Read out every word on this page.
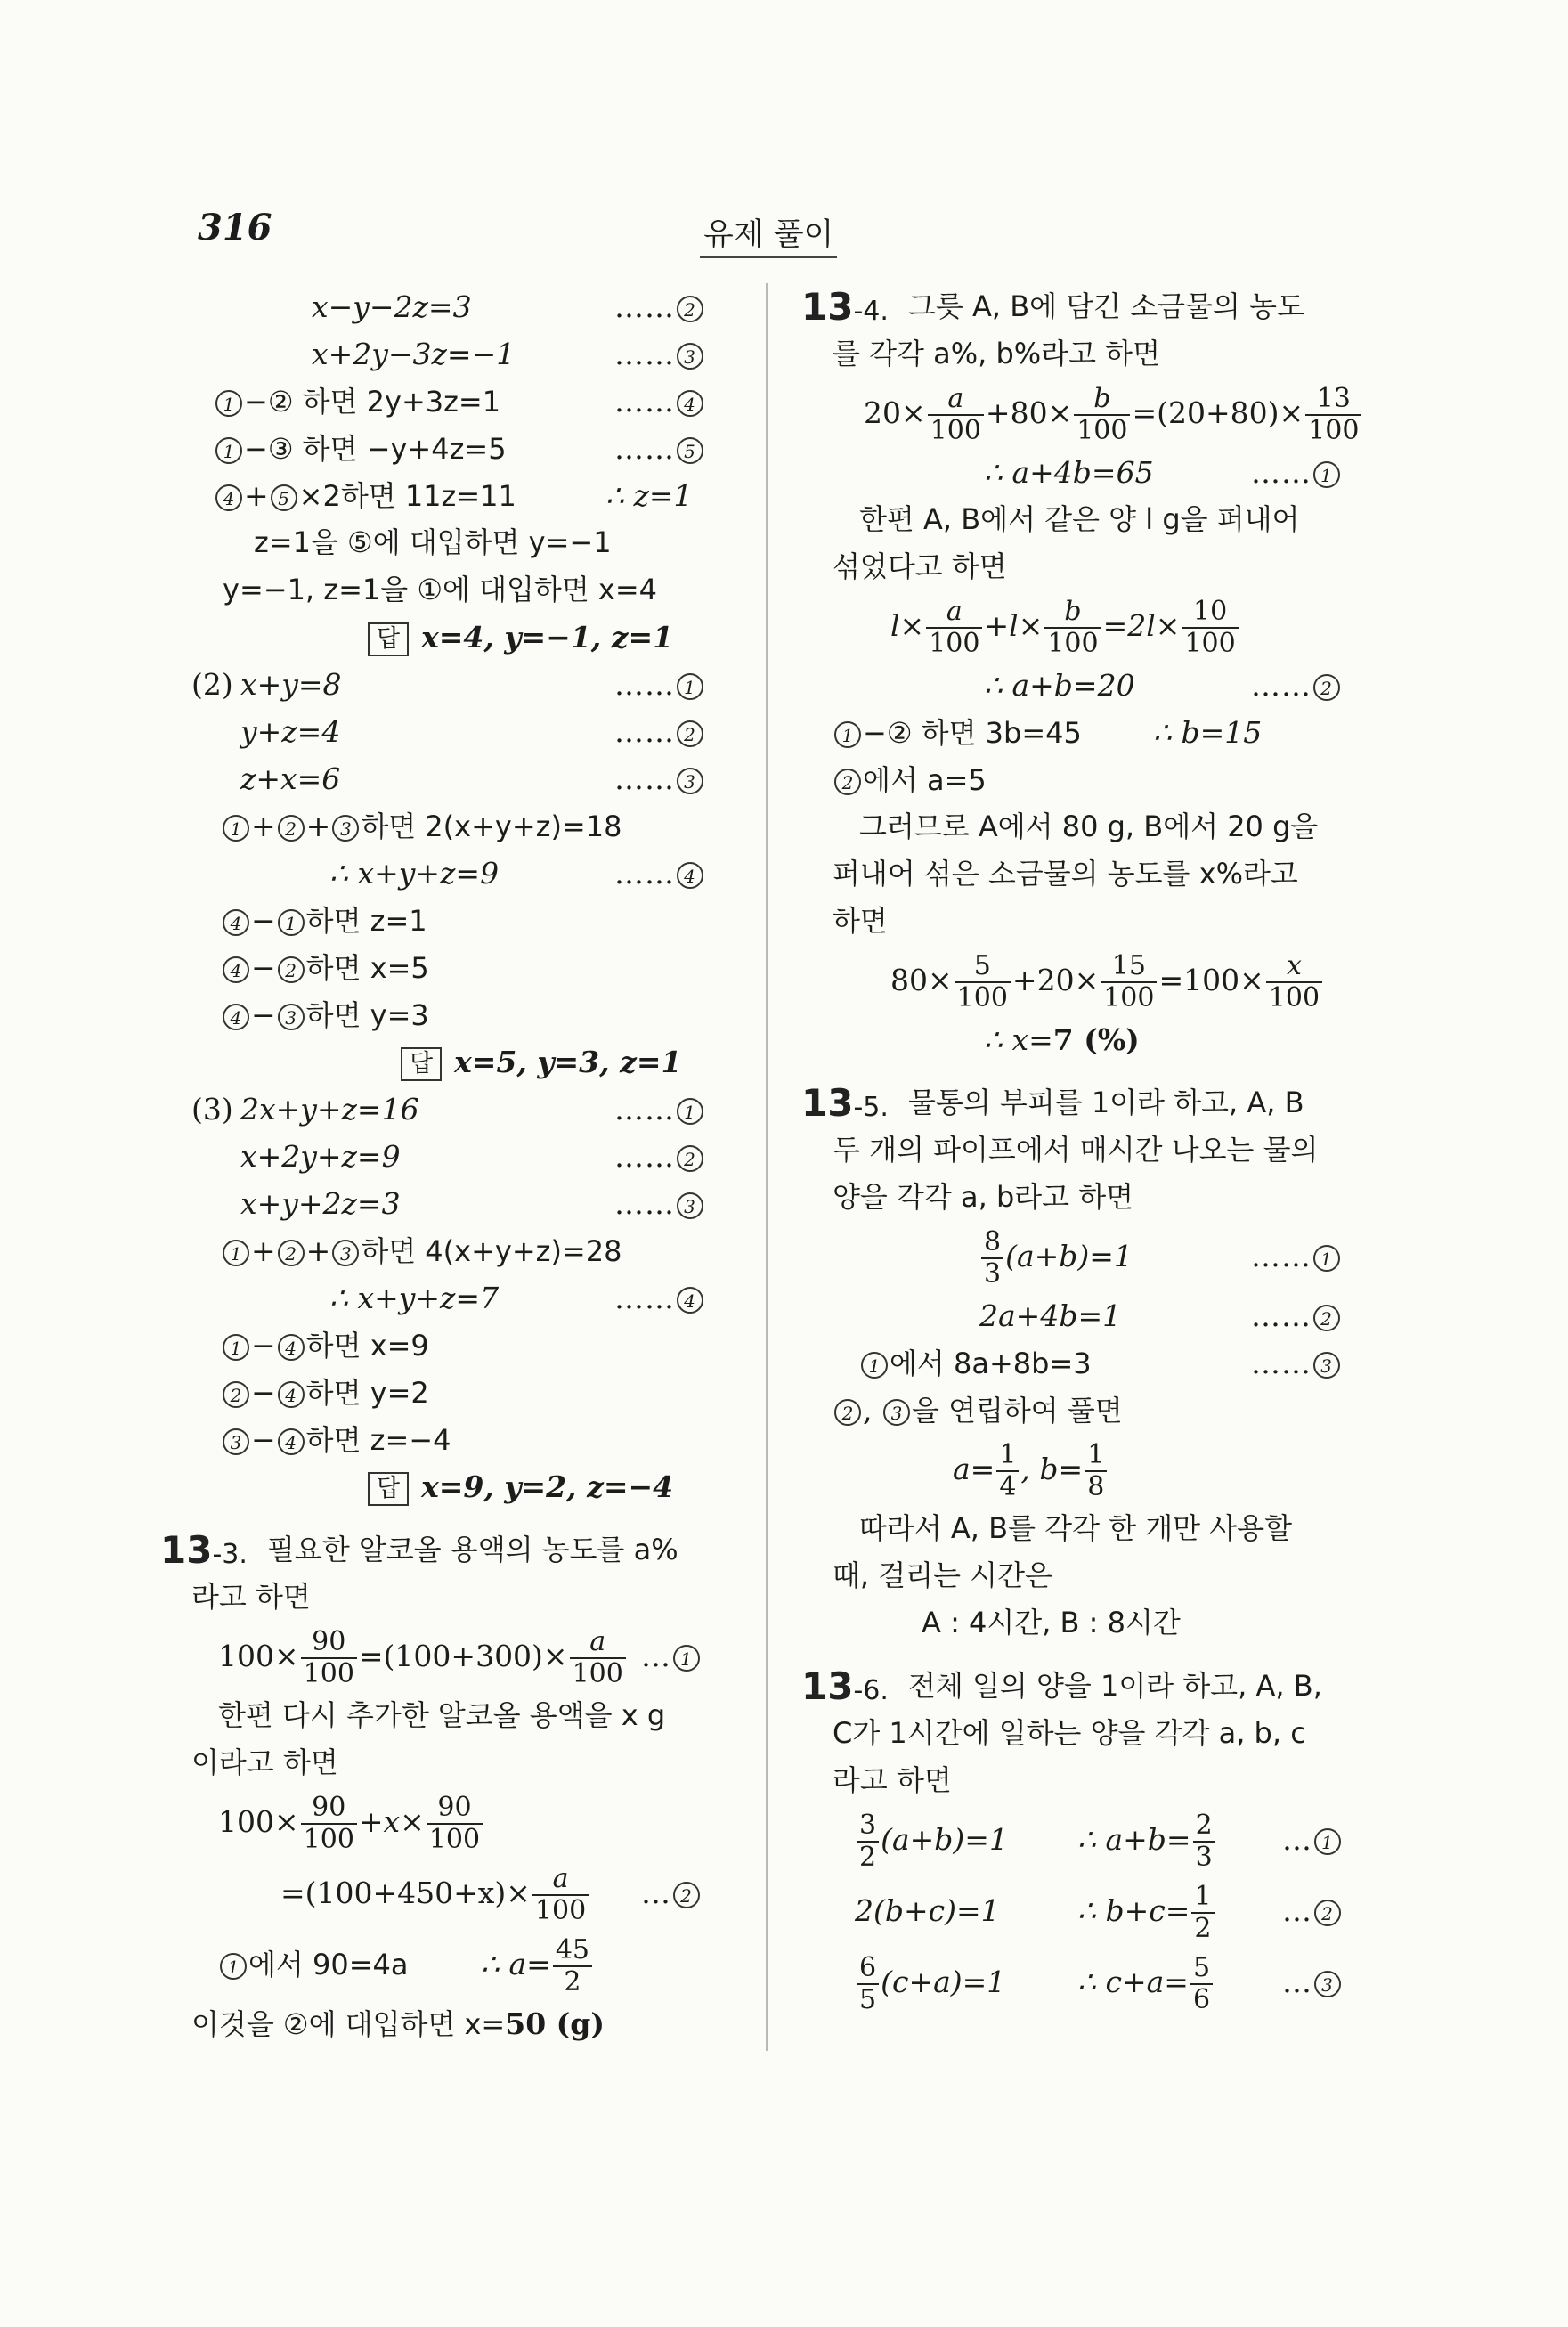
316	유제 풀이
x−y−2z=3	…… 2
x+2y−3z=−1	…… 3
1 −② 하면 2y+3z=1	…… 4
1 −③ 하면 −y+4z=5	…… 5
4 + 5 ×2하면 11z=11	∴ z=1
z=1을 ⑤에 대입하면 y=−1
y=−1, z=1을 ①에 대입하면 x=4
답 x=4, y=−1, z=1
(2) x+y=8	…… 1
y+z=4	…… 2
z+x=6	…… 3
1 + 2 + 3 하면 2(x+y+z)=18
∴ x+y+z=9	…… 4
4 − 1 하면 z=1
4 − 2 하면 x=5
4 − 3 하면 y=3
답 x=5, y=3, z=1
(3) 2x+y+z=16	…… 1
x+2y+z=9	…… 2
x+y+2z=3	…… 3
1 + 2 + 3 하면 4(x+y+z)=28
∴ x+y+z=7	…… 4
1 − 4 하면 x=9
2 − 4 하면 y=2
3 − 4 하면 z=−4
답 x=9, y=2, z=−4
13-3. 필요한 알코올 용액의 농도를 a%
라고 하면
$100\times \frac{90}{100} =(100+300)\times \frac{a}{100}$ … 1
한편 다시 추가한 알코올 용액을 x g
이라고 하면
$100\times \frac{90}{100} +x\times \frac{90}{100}$
$=(100+450+x)\times \frac{a}{100}$ … 2
1 에서 90=4a ∴ $a= \frac{45}{2}$
이것을 ②에 대입하면 x=50 (g)
13-4. 그릇 A, B에 담긴 소금물의 농도
를 각각 a%, b%라고 하면
$20\times \frac{a}{100} +80\times \frac{b}{100} =(20+80)\times \frac{13}{100}$
∴ a+4b=65	…… 1
한편 A, B에서 같은 양 l g을 퍼내어
섞었다고 하면
$l\times \frac{a}{100} +l\times \frac{b}{100} =2l\times \frac{10}{100}$
∴ a+b=20	…… 2
1 −② 하면 3b=45 ∴ b=15
2 에서 a=5
그러므로 A에서 80 g, B에서 20 g을
퍼내어 섞은 소금물의 농도를 x%라고
하면
$80\times \frac{5}{100} +20\times \frac{15}{100} =100\times \frac{x}{100}$
∴ x=7 (%)
13-5. 물통의 부피를 1이라 하고, A, B
두 개의 파이프에서 매시간 나오는 물의
양을 각각 a, b라고 하면
$\frac{8}{3} (a+b)=1$	…… 1
2a+4b=1	…… 2
1 에서 8a+8b=3	…… 3
2 , 3 을 연립하여 풀면
$a= \frac{1}{4}$ , $b= \frac{1}{8}$
따라서 A, B를 각각 한 개만 사용할
때, 걸리는 시간은
A : 4시간, B : 8시간
13-6. 전체 일의 양을 1이라 하고, A, B,
C가 1시간에 일하는 양을 각각 a, b, c
라고 하면
$\frac{3}{2} (a+b)=1$ ∴ $a+b= \frac{2}{3}$ … 1
2(b+c)=1	∴ $b+c= \frac{1}{2}$ … 2
$\frac{6}{5} (c+a)=1$ ∴ $c+a= \frac{5}{6}$ … 3
